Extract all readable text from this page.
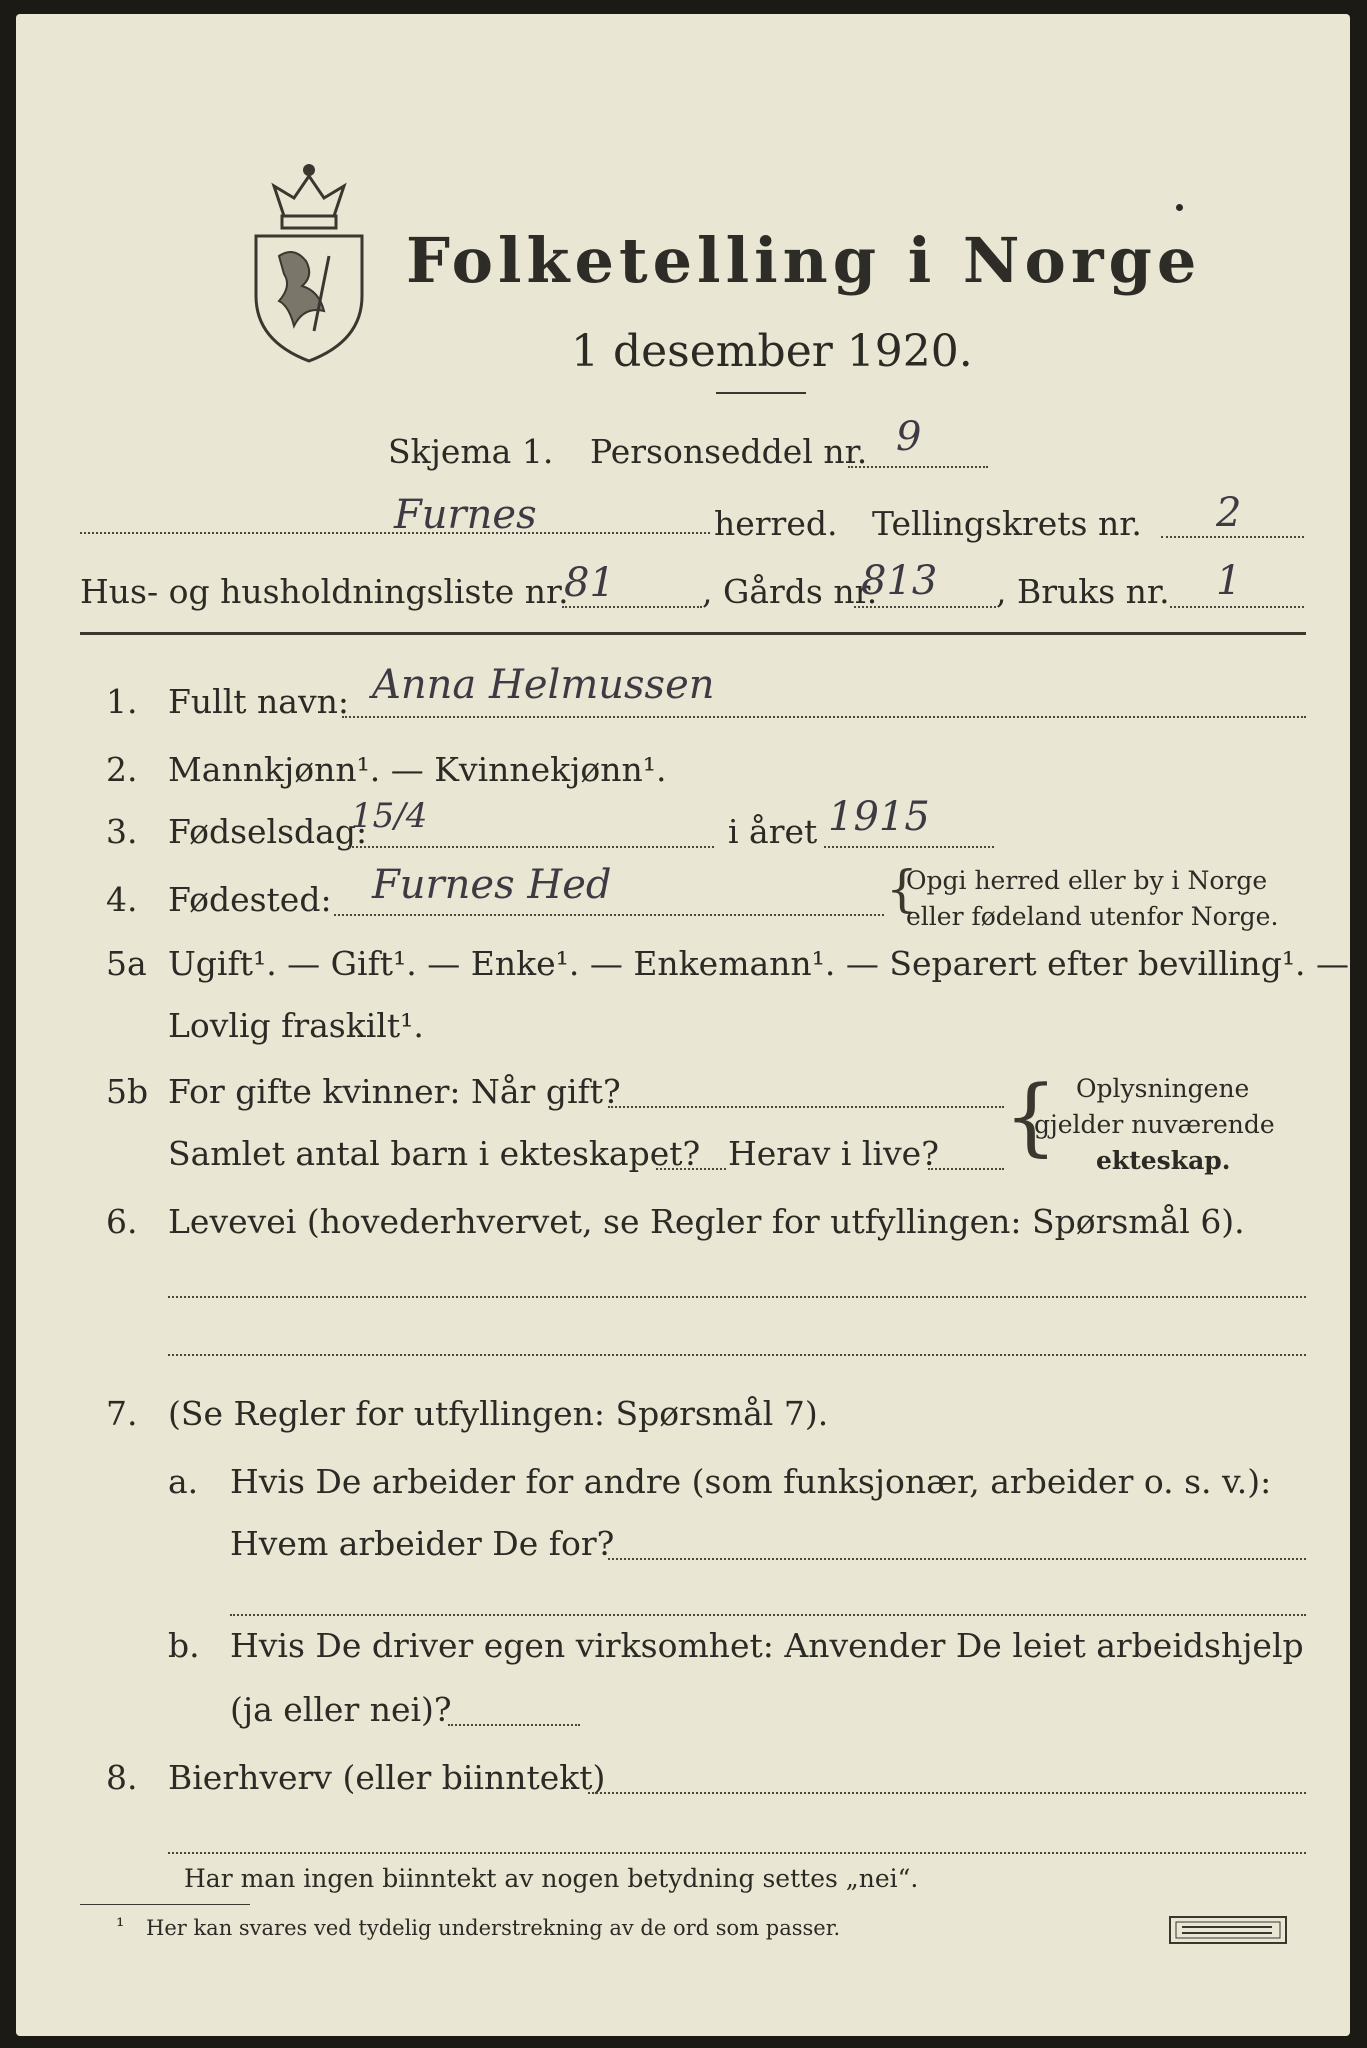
Folketelling i Norge
1 desember 1920.
Skjema 1. Personseddel nr. 9
Furnes	herred. Tellingskrets nr. 2
Hus- og husholdningsliste nr.
81	, Gårds nr.
813 , Bruks nr. 1
1. Fullt navn: Anna Helmussen
2. Mannkjønn¹. — Kvinnekjønn¹.
3. Fødselsdag:
15/4	i året 1915
4. Fødested: Furnes Hed	{
Opgi herred eller by i Norge
eller fødeland utenfor Norge.
5a Ugift¹. — Gift¹. — Enke¹. — Enkemann¹. — Separert efter bevilling¹. —
Lovlig fraskilt¹.
5b For gifte kvinner: Når gift?
Samlet antal barn i ekteskapet? Herav i live? { Oplysningene
gjelder nuværende
ekteskap.
6. Levevei (hovederhvervet, se Regler for utfyllingen: Spørsmål 6).
7. (Se Regler for utfyllingen: Spørsmål 7).
a. Hvis De arbeider for andre (som funksjonær, arbeider o. s. v.):
Hvem arbeider De for?
b. Hvis De driver egen virksomhet: Anvender De leiet arbeidshjelp
(ja eller nei)?
8. Bierhverv (eller biinntekt)
Har man ingen biinntekt av nogen betydning settes „nei“.
¹ Her kan svares ved tydelig understrekning av de ord som passer.
